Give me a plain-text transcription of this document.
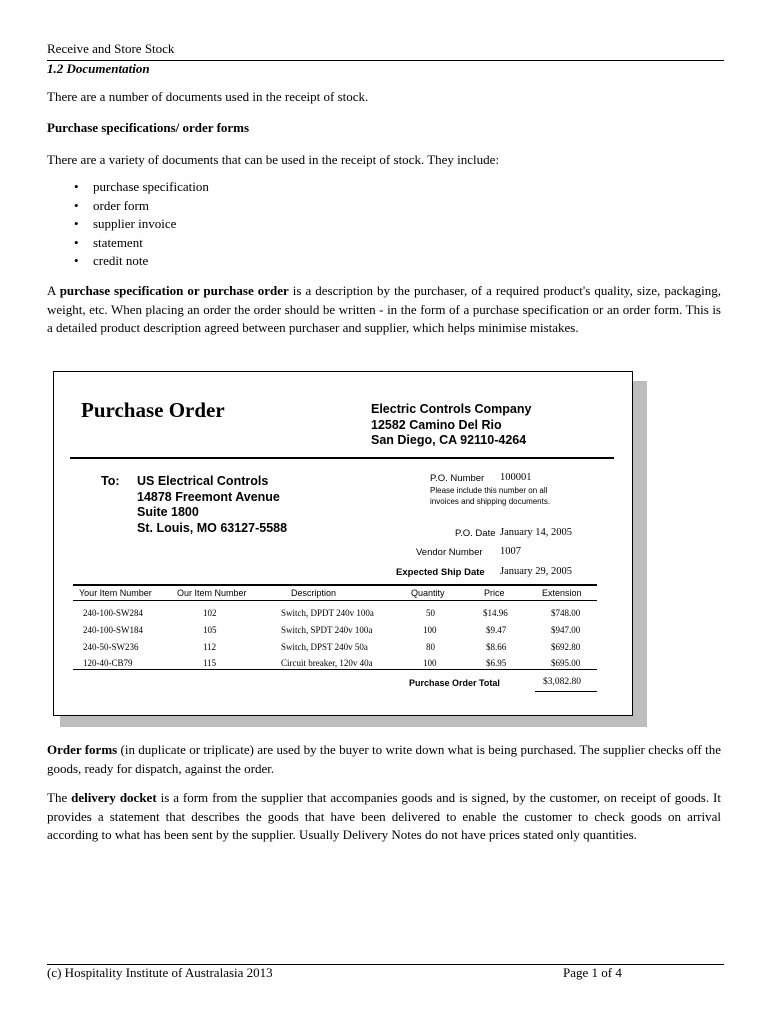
Receive and Store Stock
1.2 Documentation
There are a number of documents used in the receipt of stock.
Purchase specifications/ order forms
There are a variety of documents that can be used in the receipt of stock. They include:
• purchase specification
• order form
• supplier invoice
• statement
• credit note
A purchase specification or purchase order is a description by the purchaser, of a required product's quality, size, packaging, weight, etc. When placing an order the order should be written - in the form of a purchase specification or an order form. This is a detailed product description agreed between purchaser and supplier, which helps minimise mistakes.
Purchase Order	Electric Controls Company
12582 Camino Del Rio
San Diego, CA 92110-4264
To: US Electrical Controls
14878 Freemont Avenue
Suite 1800
St. Louis, MO 63127-5588
P.O. Number 100001
Please include this number on all
invoices and shipping documents.
P.O. Date January 14, 2005
Vendor Number 1007
Expected Ship Date January 29, 2005
Your Item Number	Our Item Number	Description	Quantity	Price	Extension
240-100-SW284	102	Switch, DPDT 240v 100a	50	$14.96	$748.00
240-100-SW184	105	Switch, SPDT 240v 100a	100	$9.47	$947.00
240-50-SW236	112	Switch, DPST 240v 50a	80	$8.66	$692.80
120-40-CB79	115	Circuit breaker, 120v 40a	100	$6.95	$695.00
Purchase Order Total	$3,082.80
Order forms (in duplicate or triplicate) are used by the buyer to write down what is being purchased. The supplier checks off the goods, ready for dispatch, against the order.
The delivery docket is a form from the supplier that accompanies goods and is signed, by the customer, on receipt of goods. It provides a statement that describes the goods that have been delivered to enable the customer to check goods on arrival according to what has been sent by the supplier. Usually Delivery Notes do not have prices stated only quantities.
(c) Hospitality Institute of Australasia 2013	Page 1 of 4
